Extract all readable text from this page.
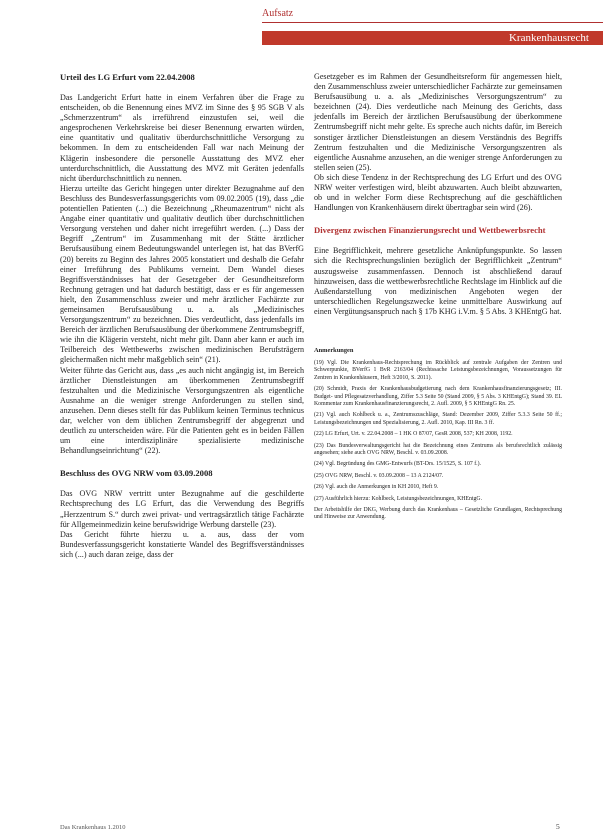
Aufsatz
Krankenhausrecht
Urteil des LG Erfurt vom 22.04.2008

Das Landgericht Erfurt hatte in einem Verfahren über die Frage zu entscheiden, ob die Benennung eines MVZ im Sinne des § 95 SGB V als „Schmerzzentrum“ als irreführend einzustufen sei, weil die angesprochenen Verkehrskreise bei dieser Benennung erwarten würden, eine quantitativ und qualitativ überdurchschnittliche Versorgung zu bekommen. In dem zu entscheidenden Fall war nach Meinung der Klägerin insbesondere die personelle Ausstattung des MVZ eher unterdurchschnittlich, die Ausstattung des MVZ mit Geräten jedenfalls nicht überdurchschnittlich zu nennen.

Hierzu urteilte das Gericht hingegen unter direkter Bezugnahme auf den Beschluss des Bundesverfassungsgerichts vom 09.02.2005 (19), dass „die potentiellen Patienten (...) die Bezeichnung „Rheumazentrum“ nicht als Angabe einer quantitativ und qualitativ deutlich über durchschnittlichen Versorgung verstehen und daher nicht irregeführt werden. (...) Dass der Begriff „Zentrum“ im Zusammenhang mit der Stätte ärztlicher Berufsausübung einem Bedeutungswandel unterlegen ist, hat das BVerfG (20) bereits zu Beginn des Jahres 2005 konstatiert und deshalb die Gefahr einer Irreführung des Publikums verneint. Dem Wandel dieses Begriffsverständnisses hat der Gesetzgeber der Gesundheitsreform Rechnung getragen und hat dadurch bestätigt, dass er es für angemessen hielt, den Zusammenschluss zweier und mehr ärztlicher Fachärzte zur gemeinsamen Berufsausübung u. a. als „Medizinisches Versorgungszentrum“ zu bezeichnen. Dies verdeutlicht, dass jedenfalls im Bereich der ärztlichen Berufsausübung der überkommene Zentrumsbegriff, wie ihn die Klägerin versteht, nicht mehr gilt. Dann aber kann er auch im Teilbereich des Wettbewerbs zwischen medizinischen Berufsträgern gleichermaßen nicht mehr maßgeblich sein“ (21).

Weiter führte das Gericht aus, dass „es auch nicht angängig ist, im Bereich ärztlicher Dienstleistungen am überkommenen Zentrumsbegriff festzuhalten und die Medizinische Versorgungszentren als eigentliche Ausnahme an die weniger strenge Anforderungen zu stellen sind, anzusehen. Denn dieses stellt für das Publikum keinen Terminus technicus dar, welcher von dem üblichen Zentrumsbegriff der abgegrenzt und deutlich zu unterscheiden wäre. Für die Patienten geht es in beiden Fällen um eine interdisziplinäre spezialisierte medizinische Behandlungseinrichtung“ (22).

Beschluss des OVG NRW vom 03.09.2008

Das OVG NRW vertritt unter Bezugnahme auf die geschilderte Rechtsprechung des LG Erfurt, das die Verwendung des Begriffs „Herzzentrum S.“ durch zwei privat- und vertragsärztlich tätige Fachärzte für Allgemeinmedizin keine berufswidrige Werbung darstelle (23).

Das Gericht führte hierzu u. a. aus, dass der vom Bundesverfassungsgericht konstatierte Wandel des Begriffsverständnisses sich (...) auch daran zeige, dass der

Gesetzgeber es im Rahmen der Gesundheitsreform für angemessen hielt, den Zusammenschluss zweier unterschiedlicher Fachärzte zur gemeinsamen Berufsausübung u. a. als „Medizinisches Versorgungszentrum“ zu bezeichnen (24). Dies verdeutliche nach Meinung des Gerichts, dass jedenfalls im Bereich der ärztlichen Berufsausübung der überkommene Zentrumsbegriff nicht mehr gelte. Es spreche auch nichts dafür, im Bereich sonstiger ärztlicher Dienstleistungen an diesem Verständnis des Begriffs Zentrum festzuhalten und die Medizinische Versorgungszentren als eigentliche Ausnahme anzusehen, an die weniger strenge Anforderungen zu stellen seien (25).

Ob sich diese Tendenz in der Rechtsprechung des LG Erfurt und des OVG NRW weiter verfestigen wird, bleibt abzuwarten. Auch bleibt abzuwarten, ob und in welcher Form diese Rechtsprechung auf die geschäftlichen Handlungen von Krankenhäusern direkt übertragbar sein wird (26).

Divergenz zwischen Finanzierungsrecht und Wettbewerbsrecht

Eine Begrifflichkeit, mehrere gesetzliche Anknüpfungspunkte. So lassen sich die Rechtsprechungslinien bezüglich der Begrifflichkeit „Zentrum“ auszugsweise zusammenfassen. Dennoch ist abschließend darauf hinzuweisen, dass die wettbewerbsrechtliche Rechtslage im Hinblick auf die Außendarstellung von medizinischen Angeboten wegen der unterschiedlichen Regelungszwecke keine unmittelbare Auswirkung auf einen Vergütungsanspruch nach § 17b KHG i.V.m. § 5 Abs. 3 KHEntgG hat.

Anmerkungen
(19) Vgl. Die Krankenhaus-Rechtsprechung im Rückblick auf zentrale Aufgaben der Zentren und Schwerpunkte, BVerfG 1 BvR 2163/04 (Rechtssache Leistungsbezeichnungen, Voraussetzungen für Zentren in Krankenhäusern, Heft 3/2010, S. 2011).
(20) Schmidt, Praxis der Krankenhausbudgetierung nach dem Krankenhausfinanzierungsgesetz; III. Budget- und Pflegesatzverhandlung, Ziffer 5.3 Seite 50 (Stand 2009, § 5 Abs. 3 KHEntgG); Stand 39. EL Kommentar zum Krankenhausfinanzierungsrecht, 2. Aufl. 2009, § 5 KHEntgG Rn. 25.
(21) Vgl. auch Kohlbeck u. a., Zentrumszuschläge, Stand: Dezember 2009, Ziffer 5.3.3 Seite 50 ff.; Leistungsbezeichnungen und Spezialisierung, 2. Aufl. 2010, Kap. III Rn. 3 ff.
(22) LG Erfurt, Urt. v. 22.04.2008 – 1 HK O 87/07, GesR 2008, 537; KH 2008, 1192.
(23) Das Bundesverwaltungsgericht hat die Bezeichnung eines Zentrums als berufsrechtlich zulässig angesehen; siehe auch OVG NRW, Beschl. v. 03.09.2008.
(24) Vgl. Begründung des GMG-Entwurfs (BT-Drs. 15/1525, S. 107 f.).
(25) OVG NRW, Beschl. v. 03.09.2008 – 13 A 2124/07.
(26) Vgl. auch die Anmerkungen in KH 2010, Heft 9.
(27) Ausführlich hierzu: Kohlbeck, Leistungsbezeichnungen, KHEntgG.
Der Arbeitshilfe der DKG, Werbung durch das Krankenhaus – Gesetzliche Grundlagen, Rechtsprechung und Hinweise zur Anwendung.
Das Krankenhaus 1.2010	5
